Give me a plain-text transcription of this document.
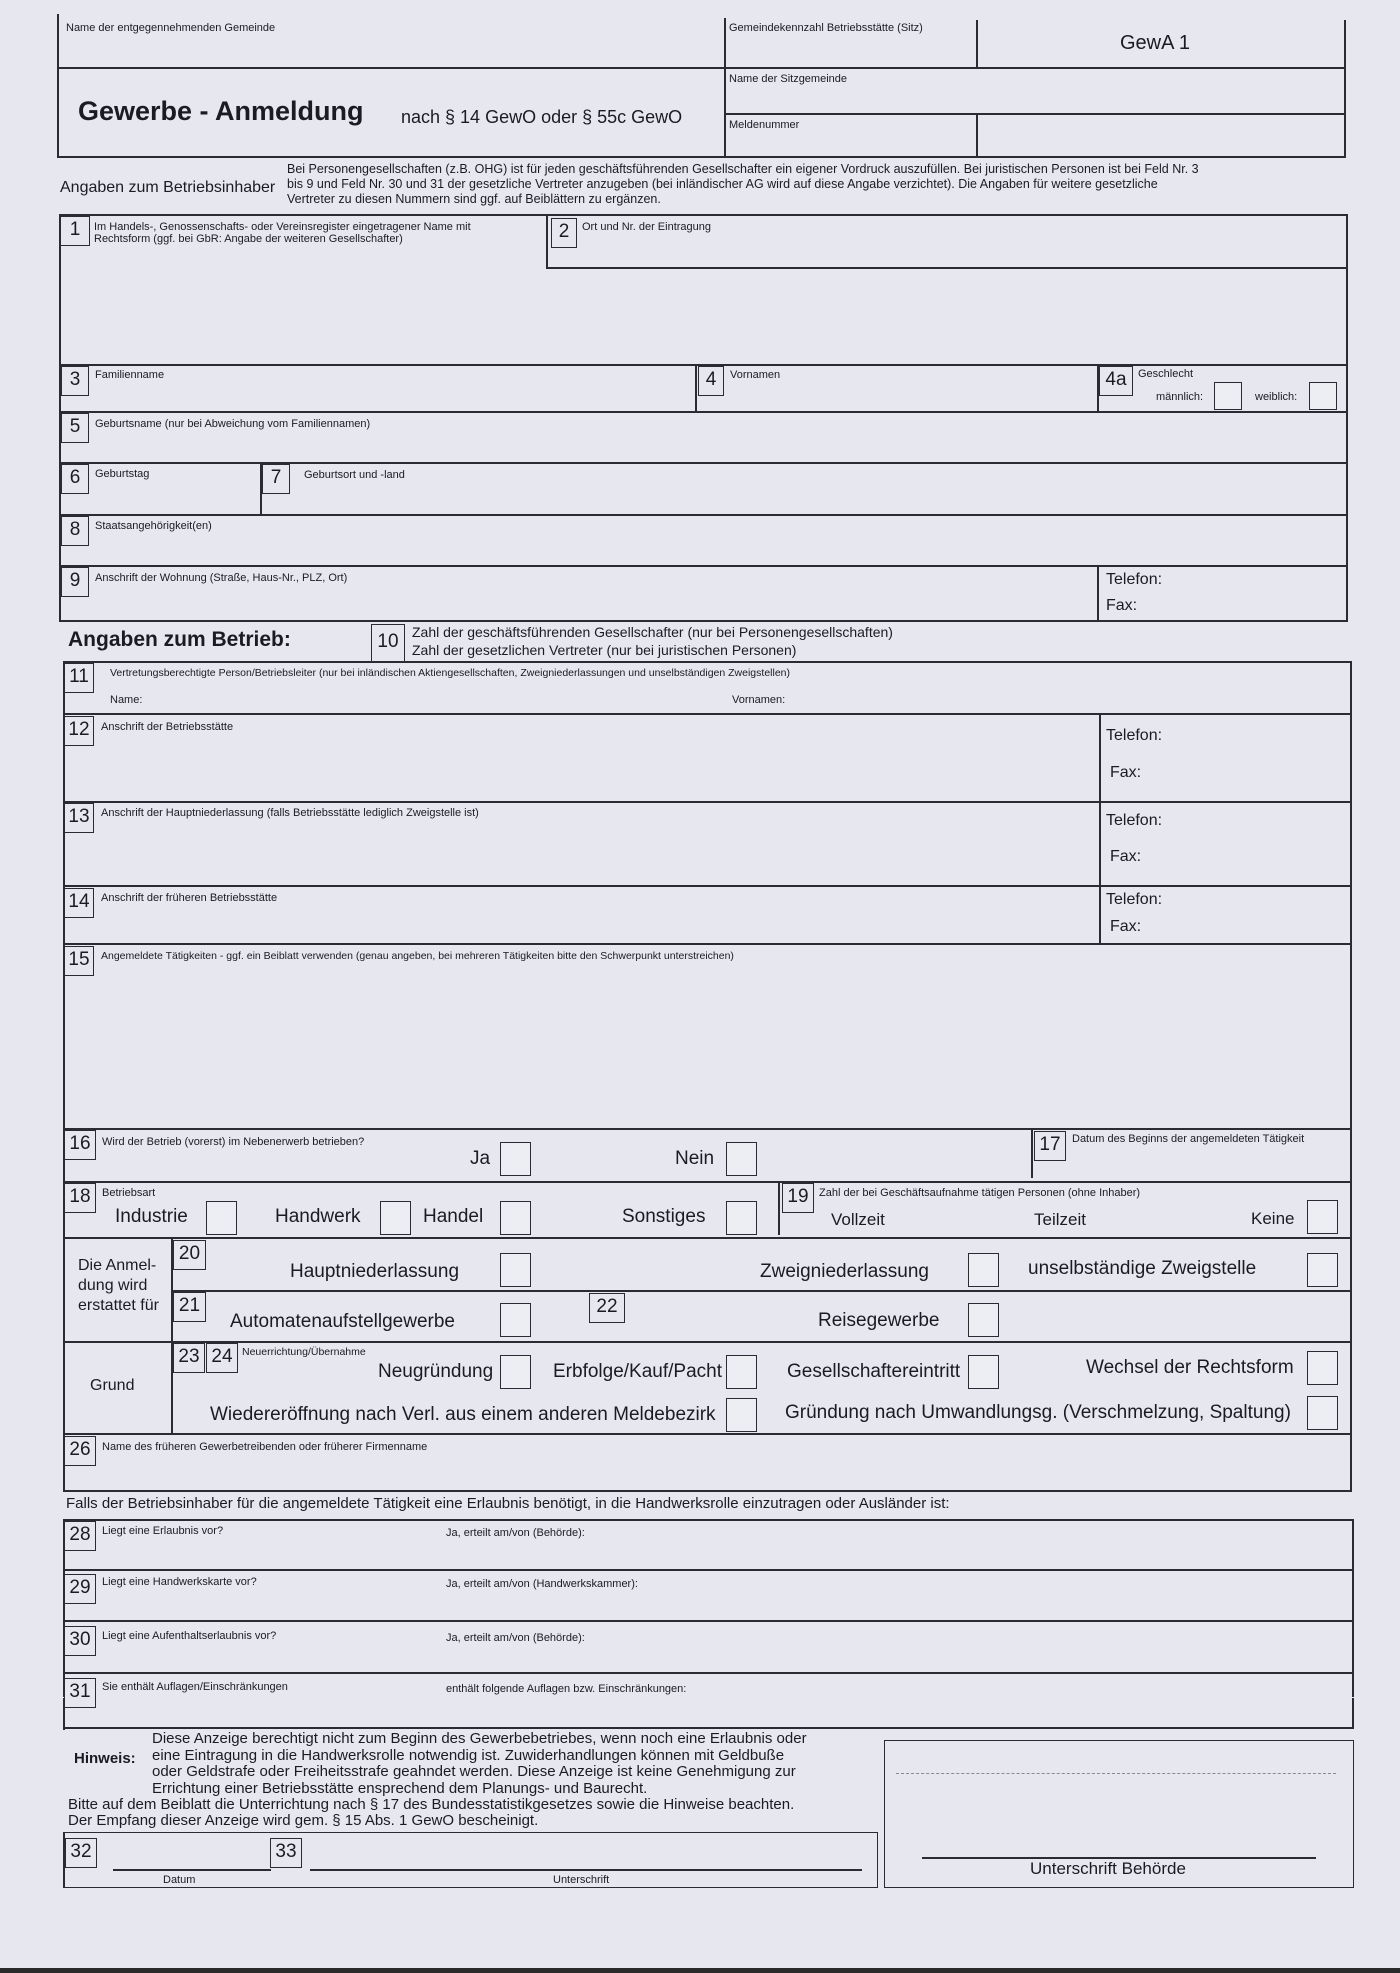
Name der entgegennehmenden Gemeinde	Gemeindekennzahl Betriebsstätte (Sitz)
GewA 1
Name der Sitzgemeinde
Gewerbe - Anmeldung nach § 14 GewO oder § 55c GewO	Meldenummer
Angaben zum Betriebsinhaber
Bei Personengesellschaften (z.B. OHG) ist für jeden geschäftsführenden Gesellschafter ein eigener Vordruck auszufüllen. Bei juristischen Personen ist bei Feld Nr. 3
bis 9 und Feld Nr. 30 und 31 der gesetzliche Vertreter anzugeben (bei inländischer AG wird auf diese Angabe verzichtet). Die Angaben für weitere gesetzliche
Vertreter zu diesen Nummern sind ggf. auf Beiblättern zu ergänzen.
1	Im Handels-, Genossenschafts- oder Vereinsregister eingetragener Name mit
Rechtsform (ggf. bei GbR: Angabe der weiteren Gesellschafter)	2	Ort und Nr. der Eintragung
3	Familienname	4	Vornamen	4a	Geschlecht
männlich:	weiblich:
5	Geburtsname (nur bei Abweichung vom Familiennamen)
6	Geburtstag	7	Geburtsort und -land
8	Staatsangehörigkeit(en)
9	Anschrift der Wohnung (Straße, Haus-Nr., PLZ, Ort)	Telefon:
Fax:
Angaben zum Betrieb:	10 Zahl der geschäftsführenden Gesellschafter (nur bei Personengesellschaften)
Zahl der gesetzlichen Vertreter (nur bei juristischen Personen)
11	Vertretungsberechtigte Person/Betriebsleiter (nur bei inländischen Aktiengesellschaften, Zweigniederlassungen und unselbständigen Zweigstellen)
Name:	Vornamen:
12	Anschrift der Betriebsstätte	Telefon:
Fax:
13	Anschrift der Hauptniederlassung (falls Betriebsstätte lediglich Zweigstelle ist)	Telefon:
Fax:
14	Anschrift der früheren Betriebsstätte	Telefon:
Fax:
15	Angemeldete Tätigkeiten - ggf. ein Beiblatt verwenden (genau angeben, bei mehreren Tätigkeiten bitte den Schwerpunkt unterstreichen)
16	Wird der Betrieb (vorerst) im Nebenerwerb betrieben?
Ja	Nein
17	Datum des Beginns der angemeldeten Tätigkeit
18	Betriebsart
Industrie	Handwerk	Handel	Sonstiges
19 Zahl der bei Geschäftsaufnahme tätigen Personen (ohne Inhaber)
Vollzeit	Teilzeit	Keine
Die Anmel-
dung wird
erstattet für
20
Hauptniederlassung	Zweigniederlassung	unselbständige Zweigstelle
21
Automatenaufstellgewerbe
22
Reisegewerbe
23 24 Neuerrichtung/Übernahme
Grund
Neugründung	Erbfolge/Kauf/Pacht	Gesellschaftereintritt	Wechsel der Rechtsform
Wiedereröffnung nach Verl. aus einem anderen Meldebezirk	Gründung nach Umwandlungsg. (Verschmelzung, Spaltung)
26	Name des früheren Gewerbetreibenden oder früherer Firmenname
Falls der Betriebsinhaber für die angemeldete Tätigkeit eine Erlaubnis benötigt, in die Handwerksrolle einzutragen oder Ausländer ist:
28	Liegt eine Erlaubnis vor?	Ja, erteilt am/von (Behörde):
29	Liegt eine Handwerkskarte vor?	Ja, erteilt am/von (Handwerkskammer):
30	Liegt eine Aufenthaltserlaubnis vor?	Ja, erteilt am/von (Behörde):
31	Sie enthält Auflagen/Einschränkungen	enthält folgende Auflagen bzw. Einschränkungen:
Hinweis:
Diese Anzeige berechtigt nicht zum Beginn des Gewerbebetriebes, wenn noch eine Erlaubnis oder
eine Eintragung in die Handwerksrolle notwendig ist. Zuwiderhandlungen können mit Geldbuße
oder Geldstrafe oder Freiheitsstrafe geahndet werden. Diese Anzeige ist keine Genehmigung zur
Errichtung einer Betriebsstätte ensprechend dem Planungs- und Baurecht.
Bitte auf dem Beiblatt die Unterrichtung nach § 17 des Bundesstatistikgesetzes sowie die Hinweise beachten.
Der Empfang dieser Anzeige wird gem. § 15 Abs. 1 GewO bescheinigt.
Unterschrift Behörde
32
Datum
33
Unterschrift
